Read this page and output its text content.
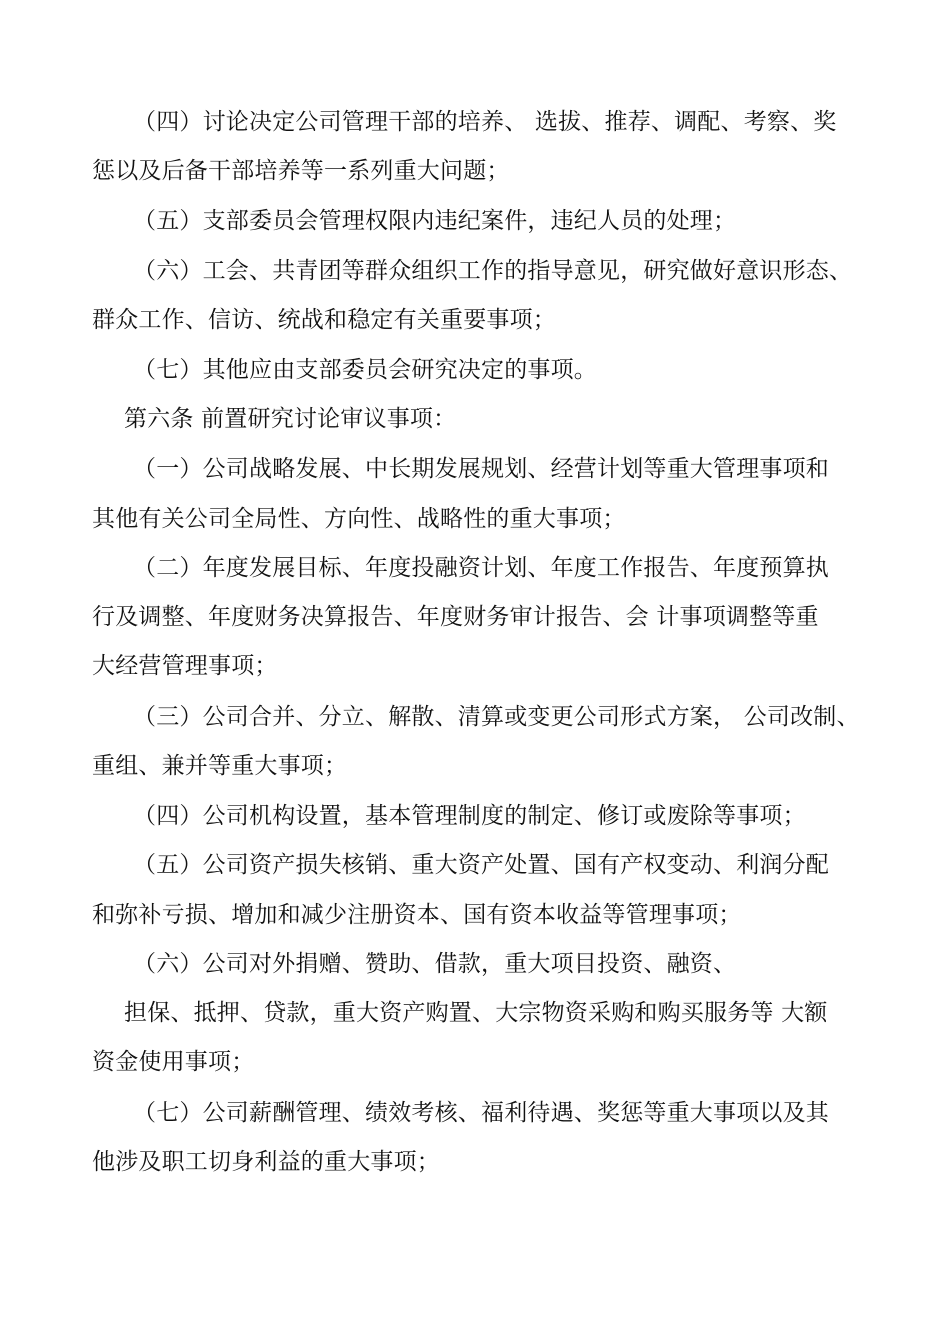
（四）讨论决定公司管理干部的培养、 选拔、推荐、调配、考察、奖
惩以及后备干部培养等一系列重大问题；
（五）支部委员会管理权限内违纪案件，违纪人员的处理；
（六）工会、共青团等群众组织工作的指导意见，研究做好意识形态、
群众工作、信访、统战和稳定有关重要事项；
（七）其他应由支部委员会研究决定的事项。
第六条 前置研究讨论审议事项：
（一）公司战略发展、中长期发展规划、经营计划等重大管理事项和
其他有关公司全局性、方向性、战略性的重大事项；
（二）年度发展目标、年度投融资计划、年度工作报告、年度预算执
行及调整、年度财务决算报告、年度财务审计报告、会 计事项调整等重
大经营管理事项；
（三）公司合并、分立、解散、清算或变更公司形式方案， 公司改制、
重组、兼并等重大事项；
（四）公司机构设置，基本管理制度的制定、修订或废除等事项；
（五）公司资产损失核销、重大资产处置、国有产权变动、利润分配
和弥补亏损、增加和减少注册资本、国有资本收益等管理事项；
（六）公司对外捐赠、赞助、借款，重大项目投资、融资、
担保、抵押、贷款，重大资产购置、大宗物资采购和购买服务等 大额
资金使用事项；
（七）公司薪酬管理、绩效考核、福利待遇、奖惩等重大事项以及其
他涉及职工切身利益的重大事项；
